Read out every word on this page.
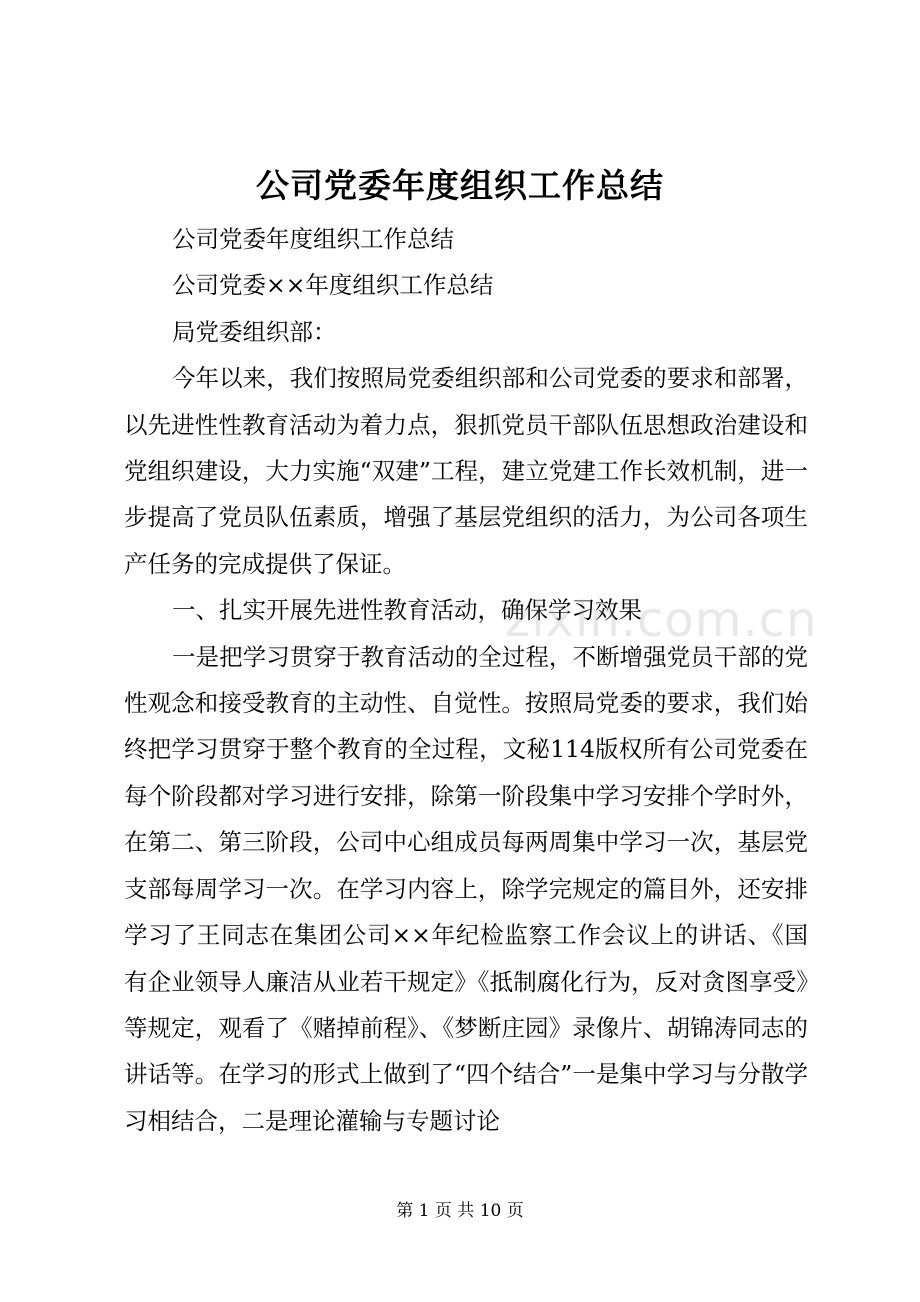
公司党委年度组织工作总结

公司党委年度组织工作总结

公司党委××年度组织工作总结

局党委组织部：

今年以来，我们按照局党委组织部和公司党委的要求和部署，以先进性性教育活动为着力点，狠抓党员干部队伍思想政治建设和党组织建设，大力实施“双建”工程，建立党建工作长效机制，进一步提高了党员队伍素质，增强了基层党组织的活力，为公司各项生产任务的完成提供了保证。

一、扎实开展先进性教育活动，确保学习效果

一是把学习贯穿于教育活动的全过程，不断增强党员干部的党性观念和接受教育的主动性、自觉性。按照局党委的要求，我们始终把学习贯穿于整个教育的全过程，文秘114版权所有公司党委在每个阶段都对学习进行安排，除第一阶段集中学习安排个学时外，在第二、第三阶段，公司中心组成员每两周集中学习一次，基层党支部每周学习一次。在学习内容上，除学完规定的篇目外，还安排学习了王同志在集团公司××年纪检监察工作会议上的讲话、《国有企业领导人廉洁从业若干规定》《抵制腐化行为，反对贪图享受》等规定，观看了《赌掉前程》、《梦断庄园》录像片、胡锦涛同志的讲话等。在学习的形式上做到了“四个结合”一是集中学习与分散学习相结合，二是理论灌输与专题讨论

zixin.com.cn
第 1 页 共 10 页
